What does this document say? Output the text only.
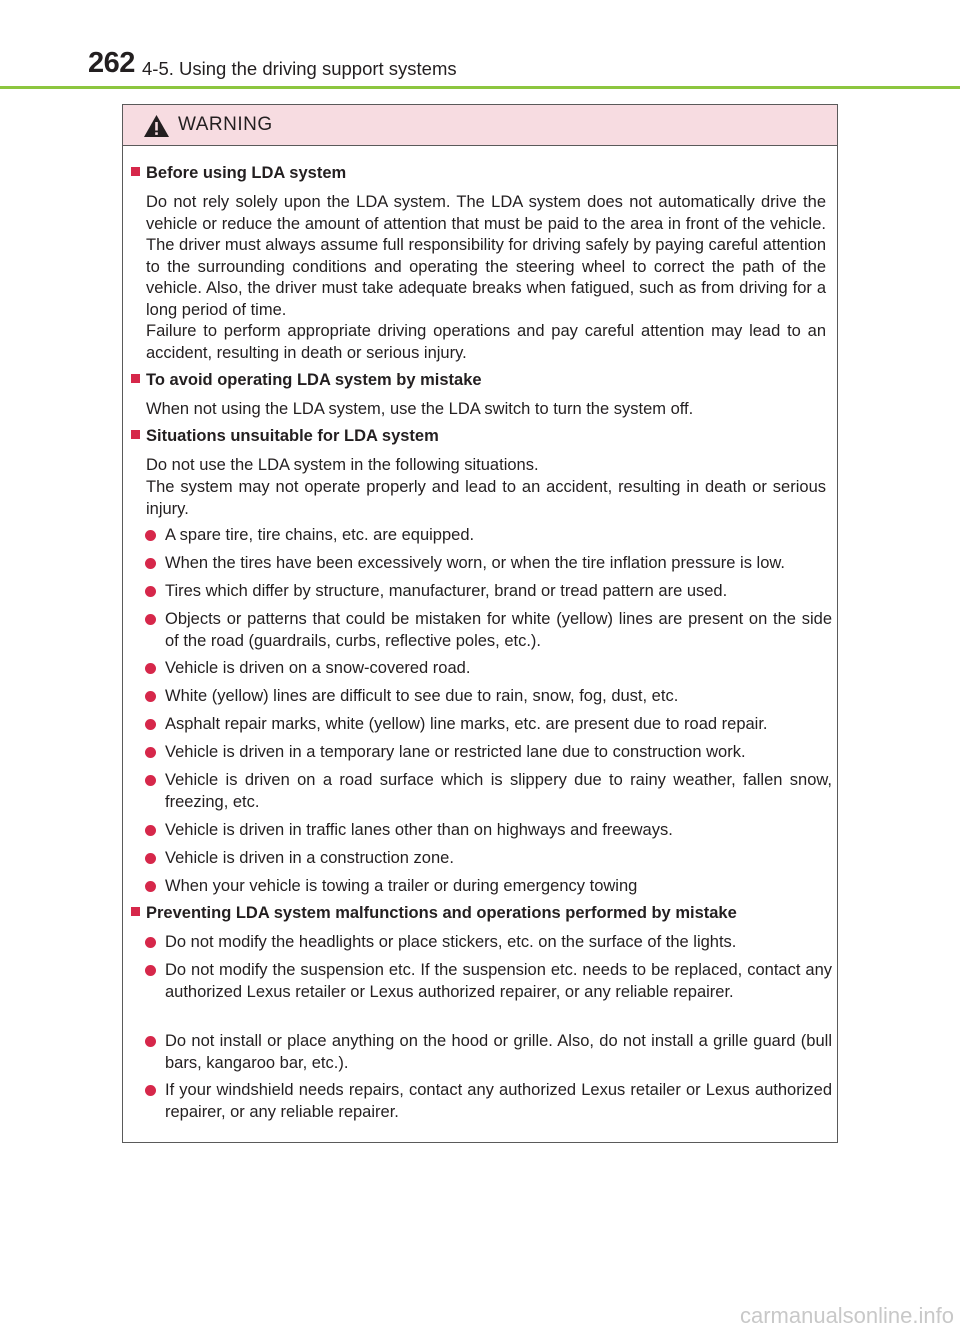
262 4-5. Using the driving support systems
WARNING
Before using LDA system
Do not rely solely upon the LDA system. The LDA system does not automatically drive the vehicle or reduce the amount of attention that must be paid to the area in front of the vehicle. The driver must always assume full responsibility for driving safely by paying careful attention to the surrounding conditions and operating the steering wheel to correct the path of the vehicle. Also, the driver must take adequate breaks when fatigued, such as from driving for a long period of time.
Failure to perform appropriate driving operations and pay careful attention may lead to an accident, resulting in death or serious injury.
To avoid operating LDA system by mistake
When not using the LDA system, use the LDA switch to turn the system off.
Situations unsuitable for LDA system
Do not use the LDA system in the following situations.
The system may not operate properly and lead to an accident, resulting in death or serious injury.
A spare tire, tire chains, etc. are equipped.
When the tires have been excessively worn, or when the tire inflation pressure is low.
Tires which differ by structure, manufacturer, brand or tread pattern are used.
Objects or patterns that could be mistaken for white (yellow) lines are present on the side of the road (guardrails, curbs, reflective poles, etc.).
Vehicle is driven on a snow-covered road.
White (yellow) lines are difficult to see due to rain, snow, fog, dust, etc.
Asphalt repair marks, white (yellow) line marks, etc. are present due to road repair.
Vehicle is driven in a temporary lane or restricted lane due to construction work.
Vehicle is driven on a road surface which is slippery due to rainy weather, fallen snow, freezing, etc.
Vehicle is driven in traffic lanes other than on highways and freeways.
Vehicle is driven in a construction zone.
When your vehicle is towing a trailer or during emergency towing
Preventing LDA system malfunctions and operations performed by mistake
Do not modify the headlights or place stickers, etc. on the surface of the lights.
Do not modify the suspension etc. If the suspension etc. needs to be replaced, contact any authorized Lexus retailer or Lexus authorized repairer, or any reliable repairer.
Do not install or place anything on the hood or grille. Also, do not install a grille guard (bull bars, kangaroo bar, etc.).
If your windshield needs repairs, contact any authorized Lexus retailer or Lexus authorized repairer, or any reliable repairer.
carmanualsonline.info
